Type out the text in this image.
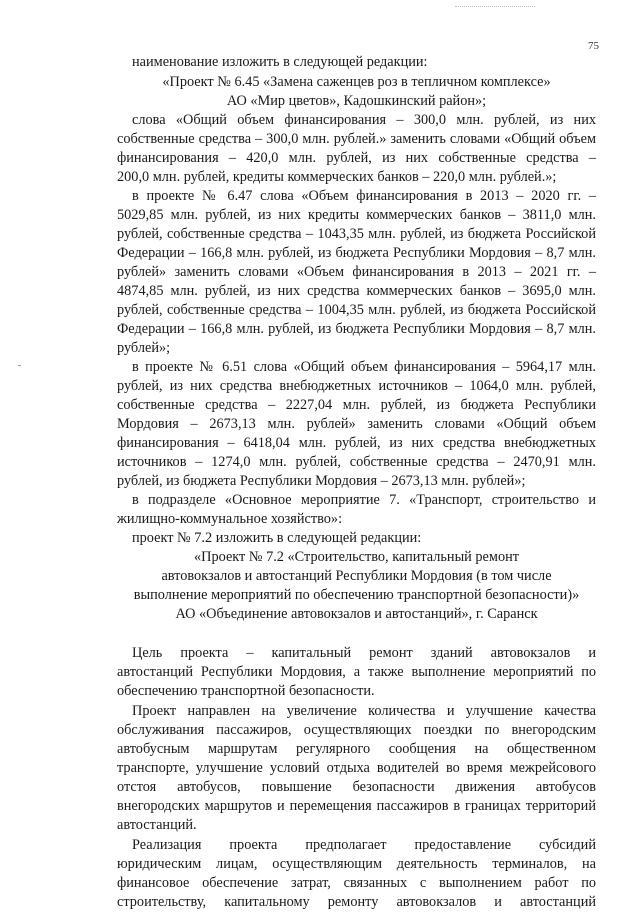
75
наименование изложить в следующей редакции:
«Проект № 6.45 «Замена саженцев роз в тепличном комплексе»
АО «Мир цветов», Кадошкинский район»;
слова «Общий объем финансирования – 300,0 млн. рублей, из них
собственные средства – 300,0 млн. рублей.» заменить словами «Общий объем
финансирования – 420,0 млн. рублей, из них собственные средства –
200,0 млн. рублей, кредиты коммерческих банков – 220,0 млн. рублей.»;
в проекте № 6.47 слова «Объем финансирования в 2013 – 2020 гг. –
5029,85 млн. рублей, из них кредиты коммерческих банков – 3811,0 млн.
рублей, собственные средства – 1043,35 млн. рублей, из бюджета Российской
Федерации – 166,8 млн. рублей, из бюджета Республики Мордовия – 8,7 млн.
рублей» заменить словами «Объем финансирования в 2013 – 2021 гг. –
4874,85 млн. рублей, из них средства коммерческих банков – 3695,0 млн.
рублей, собственные средства – 1004,35 млн. рублей, из бюджета Российской
Федерации – 166,8 млн. рублей, из бюджета Республики Мордовия – 8,7 млн.
рублей»;
в проекте № 6.51 слова «Общий объем финансирования – 5964,17 млн.
рублей, из них средства внебюджетных источников – 1064,0 млн. рублей,
собственные средства – 2227,04 млн. рублей, из бюджета Республики
Мордовия – 2673,13 млн. рублей» заменить словами «Общий объем
финансирования – 6418,04 млн. рублей, из них средства внебюджетных
источников – 1274,0 млн. рублей, собственные средства – 2470,91 млн.
рублей, из бюджета Республики Мордовия – 2673,13 млн. рублей»;
в подразделе «Основное мероприятие 7. «Транспорт, строительство и
жилищно-коммунальное хозяйство»:
проект № 7.2 изложить в следующей редакции:
«Проект № 7.2 «Строительство, капитальный ремонт
автовокзалов и автостанций Республики Мордовия (в том числе
выполнение мероприятий по обеспечению транспортной безопасности)»
АО «Объединение автовокзалов и автостанций», г. Саранск
Цель проекта – капитальный ремонт зданий автовокзалов и
автостанций Республики Мордовия, а также выполнение мероприятий по
обеспечению транспортной безопасности.
Проект направлен на увеличение количества и улучшение качества
обслуживания пассажиров, осуществляющих поездки по внегородским
автобусным маршрутам регулярного сообщения на общественном
транспорте, улучшение условий отдыха водителей во время межрейсового
отстоя автобусов, повышение безопасности движения автобусов
внегородских маршрутов и перемещения пассажиров в границах территорий
автостанций.
Реализация проекта предполагает предоставление субсидий
юридическим лицам, осуществляющим деятельность терминалов, на
финансовое обеспечение затрат, связанных с выполнением работ по
строительству, капитальному ремонту автовокзалов и автостанций
